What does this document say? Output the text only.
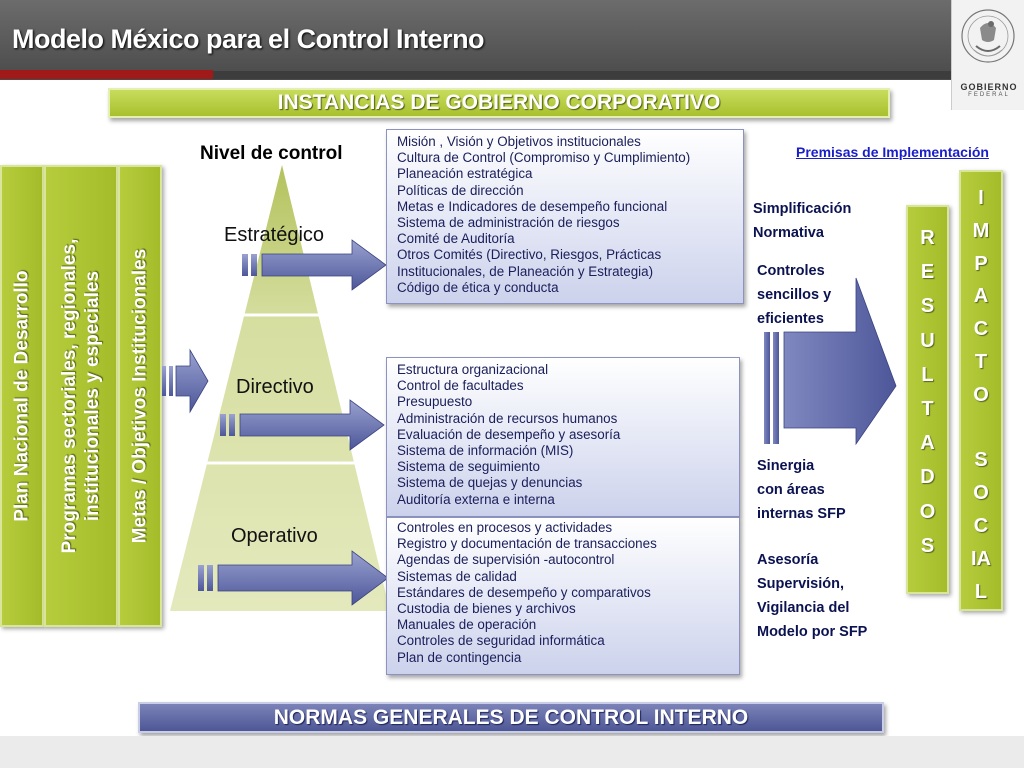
Modelo México para el Control Interno
GOBIERNO
FEDERAL
INSTANCIAS DE GOBIERNO CORPORATIVO
Plan Nacional de Desarrollo Programas sectoriales, regionales, institucionales y especiales Metas / Objetivos Institucionales
Nivel de control
Estratégico
Directivo
Operativo
Misión , Visión y Objetivos institucionales
Cultura de Control (Compromiso y Cumplimiento)
Planeación estratégica
Políticas de dirección
Metas e Indicadores de desempeño funcional
Sistema de administración de riesgos
Comité de Auditoría
Otros Comités (Directivo, Riesgos, Prácticas
Institucionales, de Planeación y Estrategia)
Código de ética y conducta
Estructura organizacional
Control de facultades
Presupuesto
Administración de recursos humanos
Evaluación de desempeño y asesoría
Sistema de información (MIS)
Sistema de seguimiento
Sistema de quejas y denuncias
Auditoría externa e interna
Controles en procesos y actividades
Registro y documentación de transacciones
Agendas de supervisión -autocontrol
Sistemas de calidad
Estándares de desempeño y comparativos
Custodia de bienes y archivos
Manuales de operación
Controles de seguridad informática
Plan de contingencia
Premisas de Implementación
Simplificación
Normativa
Controles
sencillos y
eficientes
Sinergia
con áreas
internas SFP
Asesoría
Supervisión,
Vigilancia del
Modelo por SFP
R
E
S
U
L
T
A
D
O
S
I
M
P
A
C
T
O

S
O
C
IA
L
NORMAS GENERALES DE CONTROL INTERNO
